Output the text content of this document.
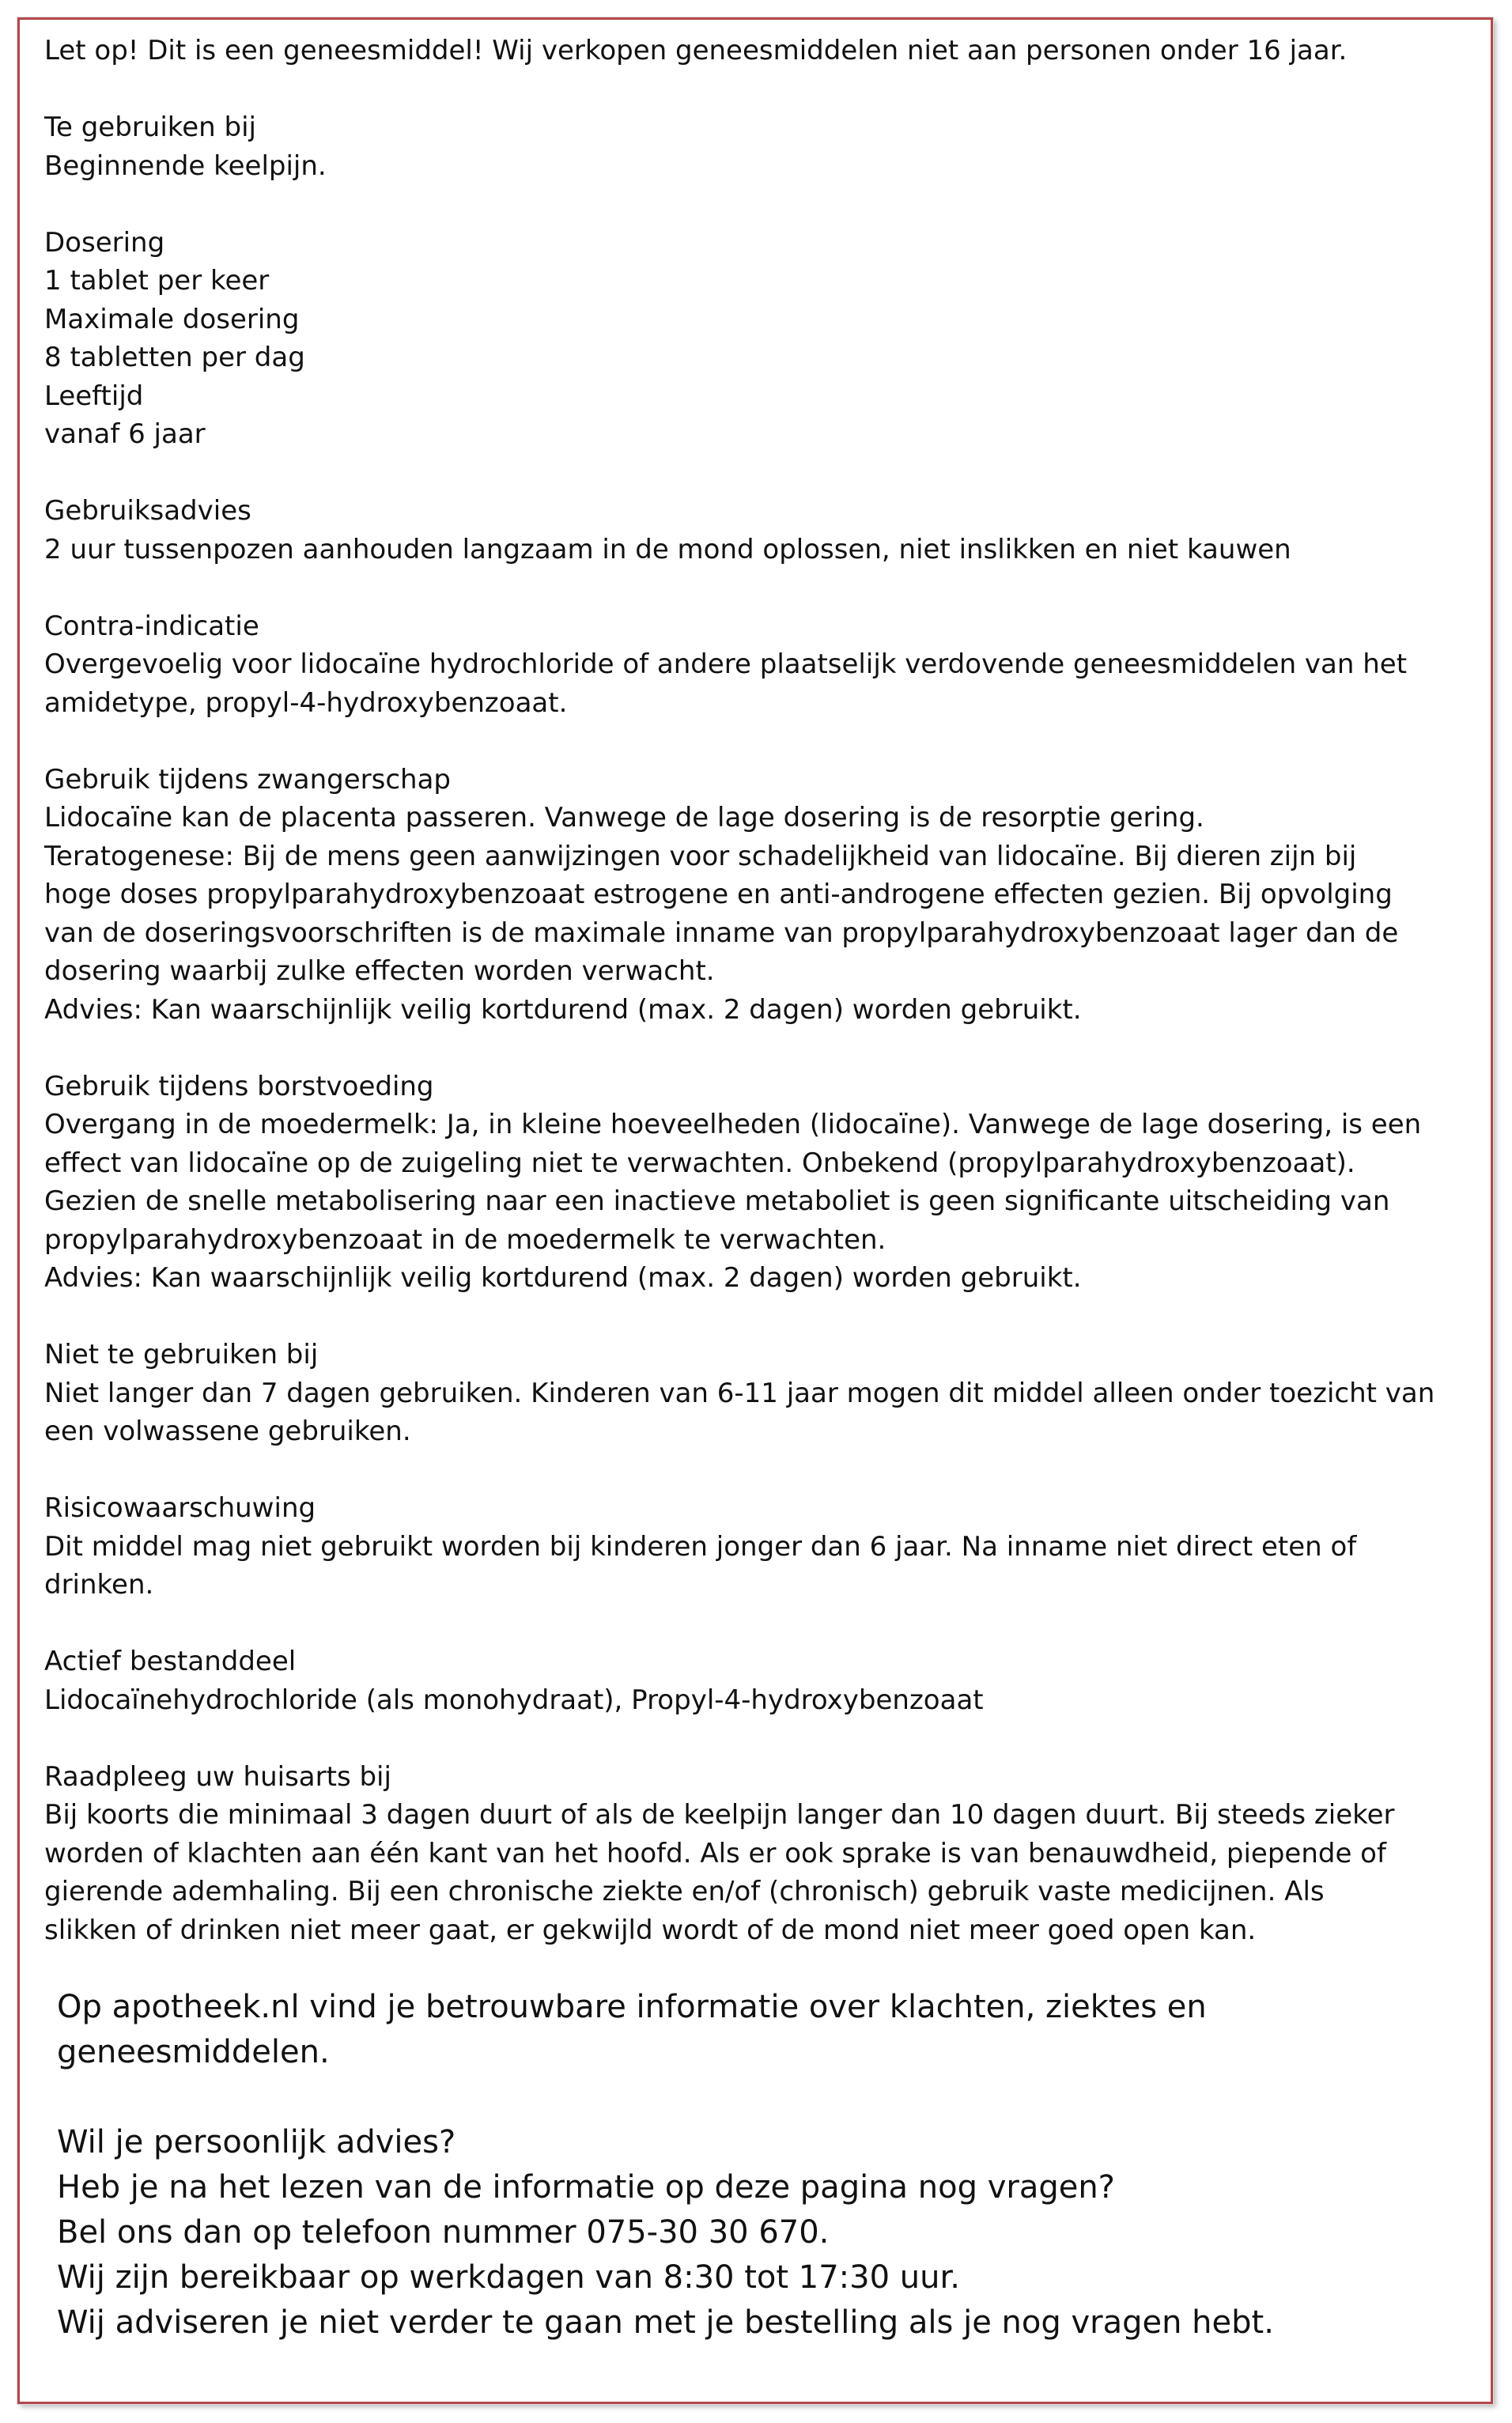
Let op! Dit is een geneesmiddel! Wij verkopen geneesmiddelen niet aan personen onder 16 jaar.
Te gebruiken bij
Beginnende keelpijn.
Dosering
1 tablet per keer
Maximale dosering
8 tabletten per dag
Leeftijd
vanaf 6 jaar
Gebruiksadvies
2 uur tussenpozen aanhouden langzaam in de mond oplossen, niet inslikken en niet kauwen
Contra-indicatie
Overgevoelig voor lidocaïne hydrochloride of andere plaatselijk verdovende geneesmiddelen van het
amidetype, propyl-4-hydroxybenzoaat.
Gebruik tijdens zwangerschap
Lidocaïne kan de placenta passeren. Vanwege de lage dosering is de resorptie gering.
Teratogenese: Bij de mens geen aanwijzingen voor schadelijkheid van lidocaïne. Bij dieren zijn bij
hoge doses propylparahydroxybenzoaat estrogene en anti-androgene effecten gezien. Bij opvolging
van de doseringsvoorschriften is de maximale inname van propylparahydroxybenzoaat lager dan de
dosering waarbij zulke effecten worden verwacht.
Advies: Kan waarschijnlijk veilig kortdurend (max. 2 dagen) worden gebruikt.
Gebruik tijdens borstvoeding
Overgang in de moedermelk: Ja, in kleine hoeveelheden (lidocaïne). Vanwege de lage dosering, is een
effect van lidocaïne op de zuigeling niet te verwachten. Onbekend (propylparahydroxybenzoaat).
Gezien de snelle metabolisering naar een inactieve metaboliet is geen significante uitscheiding van
propylparahydroxybenzoaat in de moedermelk te verwachten.
Advies: Kan waarschijnlijk veilig kortdurend (max. 2 dagen) worden gebruikt.
Niet te gebruiken bij
Niet langer dan 7 dagen gebruiken. Kinderen van 6-11 jaar mogen dit middel alleen onder toezicht van
een volwassene gebruiken.
Risicowaarschuwing
Dit middel mag niet gebruikt worden bij kinderen jonger dan 6 jaar. Na inname niet direct eten of
drinken.
Actief bestanddeel
Lidocaïnehydrochloride (als monohydraat), Propyl-4-hydroxybenzoaat
Raadpleeg uw huisarts bij
Bij koorts die minimaal 3 dagen duurt of als de keelpijn langer dan 10 dagen duurt. Bij steeds zieker
worden of klachten aan één kant van het hoofd. Als er ook sprake is van benauwdheid, piepende of
gierende ademhaling. Bij een chronische ziekte en/of (chronisch) gebruik vaste medicijnen. Als
slikken of drinken niet meer gaat, er gekwijld wordt of de mond niet meer goed open kan.
Op apotheek.nl vind je betrouwbare informatie over klachten, ziektes en
geneesmiddelen.
Wil je persoonlijk advies?
Heb je na het lezen van de informatie op deze pagina nog vragen?
Bel ons dan op telefoon nummer 075-30 30 670.
Wij zijn bereikbaar op werkdagen van 8:30 tot 17:30 uur.
Wij adviseren je niet verder te gaan met je bestelling als je nog vragen hebt.
